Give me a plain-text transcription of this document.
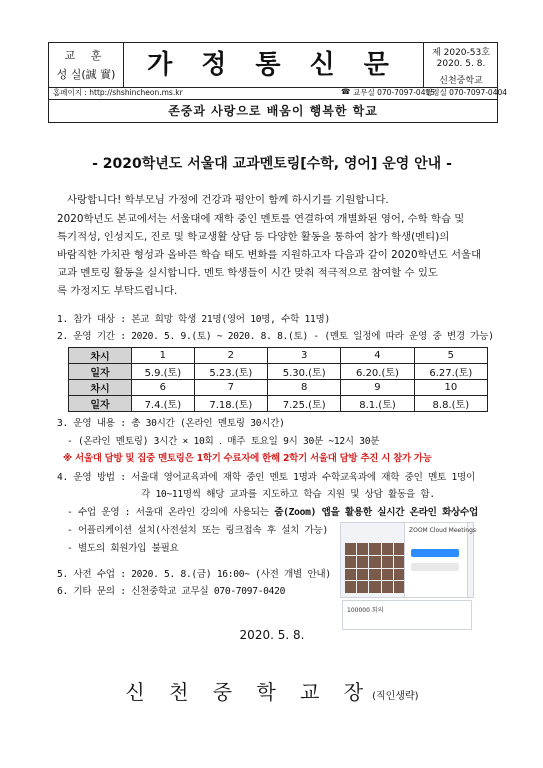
교 훈
성 실(誠 實)	가 정 통 신 문	제 2020-53호
2020. 5. 8.
신천중학교
홈페이지 : http://shshincheon.ms.kr	☎ 교무실 070-7097-0415
행정실 070-7097-0404
존중과 사랑으로 배움이 행복한 학교
- 2020학년도 서울대 교과멘토링[수학, 영어] 운영 안내 -
사랑합니다! 학부모님 가정에 건강과 평안이 함께 하시기를 기원합니다.
2020학년도 본교에서는 서울대에 재학 중인 멘토를 연결하여 개별화된 영어, 수학 학습 및
특기적성, 인성지도, 진로 및 학교생활 상담 등 다양한 활동을 통하여 참가 학생(멘티)의
바람직한 가치관 형성과 올바른 학습 태도 변화를 지원하고자 다음과 같이 2020학년도 서울대
교과 멘토링 활동을 실시합니다. 멘토 학생들이 시간 맞춰 적극적으로 참여할 수 있도
록 가정지도 부탁드립니다.
1. 참가 대상 : 본교 희망 학생 21명(영어 10명, 수학 11명)
2. 운영 기간 : 2020. 5. 9.(토) ~ 2020. 8. 8.(토) - (멘토 일정에 따라 운영 중 변경 가능)
차시	1	2	3	4	5
일자	5.9.(토)	5.23.(토)	5.30.(토)	6.20.(토)	6.27.(토)
차시	6	7	8	9	10
일자	7.4.(토)	7.18.(토)	7.25.(토)	8.1.(토)	8.8.(토)
3. 운영 내용 : 총 30시간 (온라인 멘토링 30시간)
- (온라인 멘토링) 3시간 × 10회 ․ 매주 토요일 9시 30분 ~12시 30분
※ 서울대 담방 및 집중 멘토링은 1학기 수료자에 한해 2학기 서울대 담방 추진 시 참가 가능
4. 운영 방법 : 서울대 영어교육과에 재학 중인 멘토 1명과 수학교육과에 재학 중인 멘토 1명이
각 10~11명씩 해당 교과를 지도하고 학습 지원 및 상담 활동을 함.
- 수업 운영 : 서울대 온라인 강의에 사용되는 줌(Zoom) 앱을 활용한 실시간 온라인 화상수업
- 어플리케이션 설치(사전설치 또는 링크접속 후 설치 가능)
- 별도의 회원가입 불필요
ZOOM Cloud Meetings
100000 회의
5. 사전 수업 : 2020. 5. 8.(금) 16:00~ (사전 개별 안내)
6. 기타 문의 : 신천중학교 교무실 070-7097-0420
2020. 5. 8.
신 천 중 학 교 장(직인생략)
